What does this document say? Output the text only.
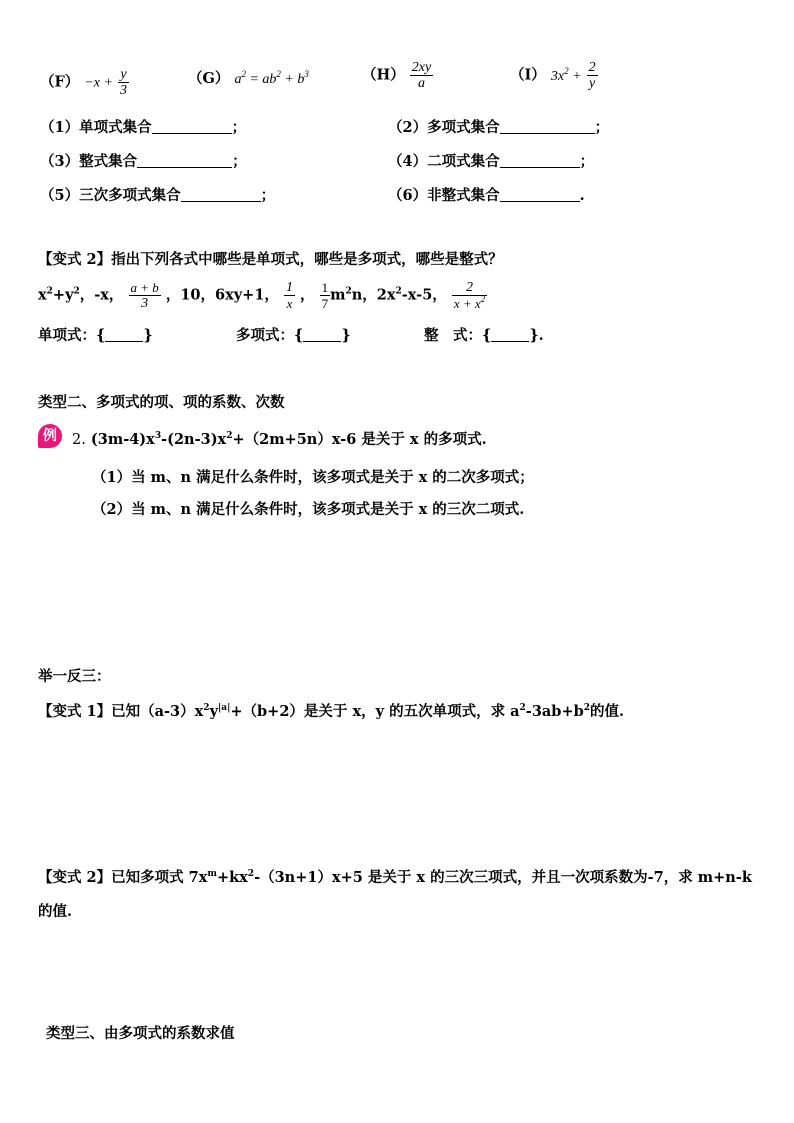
$(F) -x + \frac{y}{3}$	（G） $a^2 = ab^2 + b^3$	$(H) \frac{2xy}{a}$	（I） $3x^2 + \frac{2}{y}$
（1）单项式集合	；	（2）多项式集合	；
（3）整式集合	；	（4）二项式集合	；
（5）三次多项式集合	；	（6）非整式集合	.
【变式 2】指出下列各式中哪些是单项式，哪些是多项式，哪些是整式？
$x^2+y^2$，-x， $\frac{a + b}{3}$ ，10，6xy+1， $\frac{1}{x}$ ， $\frac{1}{7} m^2n$，$2x^2-x-5$， $\frac{2}{x + x^2}$
单项式：{	}	多项式：{	}	整　式：{	}.
类型二、多项式的项、项的系数、次数
例	2. $(3m-4)x^3-(2n-3)x^2+(2m+5n)x-6$ 是关于 x 的多项式.
（1）当 m、n 满足什么条件时，该多项式是关于 x 的二次多项式；
（2）当 m、n 满足什么条件时，该多项式是关于 x 的三次二项式.
举一反三：
【变式 1】已知$(a-3)x^2y^{|a|}+(b+2)$是关于 x，y 的五次单项式，求 $a^2-3ab+b^2$的值.
【变式 2】已知多项式 $7x^m+kx^2-(3n+1)x+5$ 是关于 x 的三次三项式，并且一次项系数为-7，求 m+n-k
的值.
类型三、由多项式的系数求值
